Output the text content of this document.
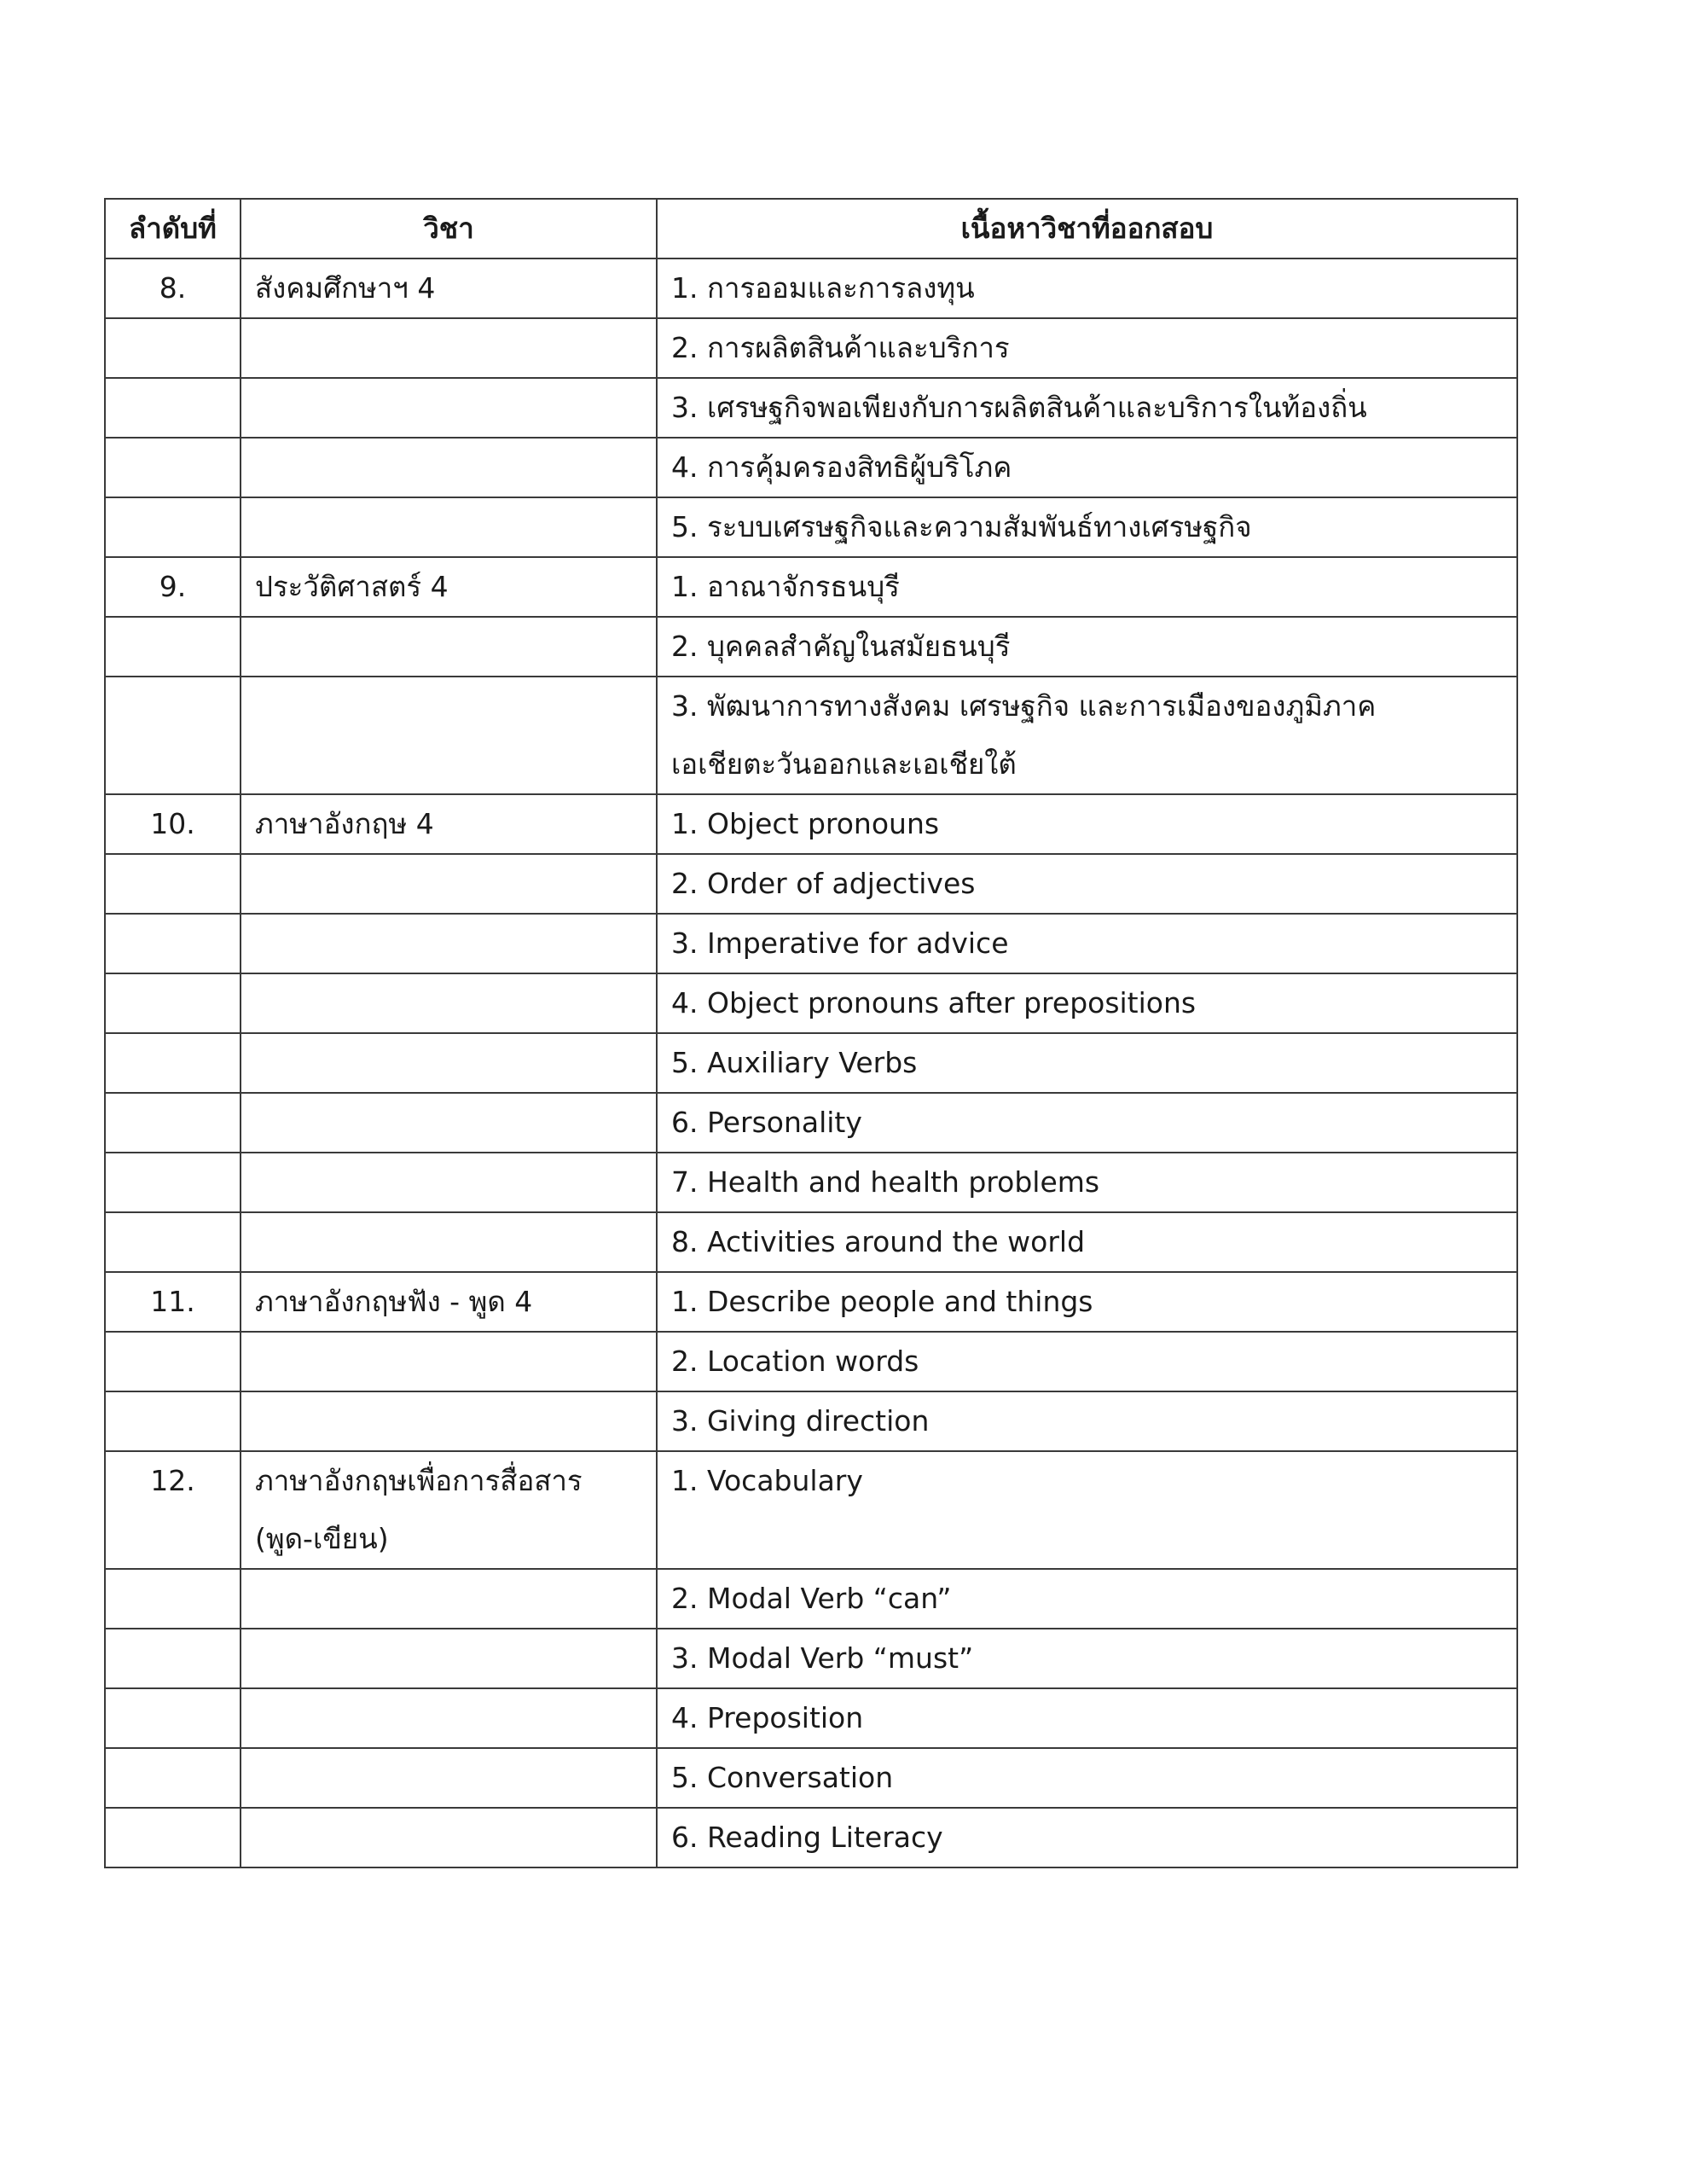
ลำดับที่	วิชา	เนื้อหาวิชาที่ออกสอบ
8.	สังคมศึกษาฯ 4	1. การออมและการลงทุน

		2. การผลิตสินค้าและบริการ

		3. เศรษฐกิจพอเพียงกับการผลิตสินค้าและบริการในท้องถิ่น

		4. การคุ้มครองสิทธิผู้บริโภค

		5. ระบบเศรษฐกิจและความสัมพันธ์ทางเศรษฐกิจ

9.	ประวัติศาสตร์ 4	1. อาณาจักรธนบุรี

		2. บุคคลสำคัญในสมัยธนบุรี

		3. พัฒนาการทางสังคม เศรษฐกิจ และการเมืองของภูมิภาค
เอเชียตะวันออกและเอเชียใต้

10.	ภาษาอังกฤษ 4	1. Object pronouns

		2. Order of adjectives

		3. Imperative for advice

		4. Object pronouns after prepositions

		5. Auxiliary Verbs

		6. Personality

		7. Health and health problems

		8. Activities around the world

11.	ภาษาอังกฤษฟัง - พูด 4	1. Describe people and things

		2. Location words

		3. Giving direction

12.	ภาษาอังกฤษเพื่อการสื่อสาร
(พูด-เขียน)	1. Vocabulary

		2. Modal Verb “can”

		3. Modal Verb “must”

		4. Preposition

		5. Conversation

		6. Reading Literacy
